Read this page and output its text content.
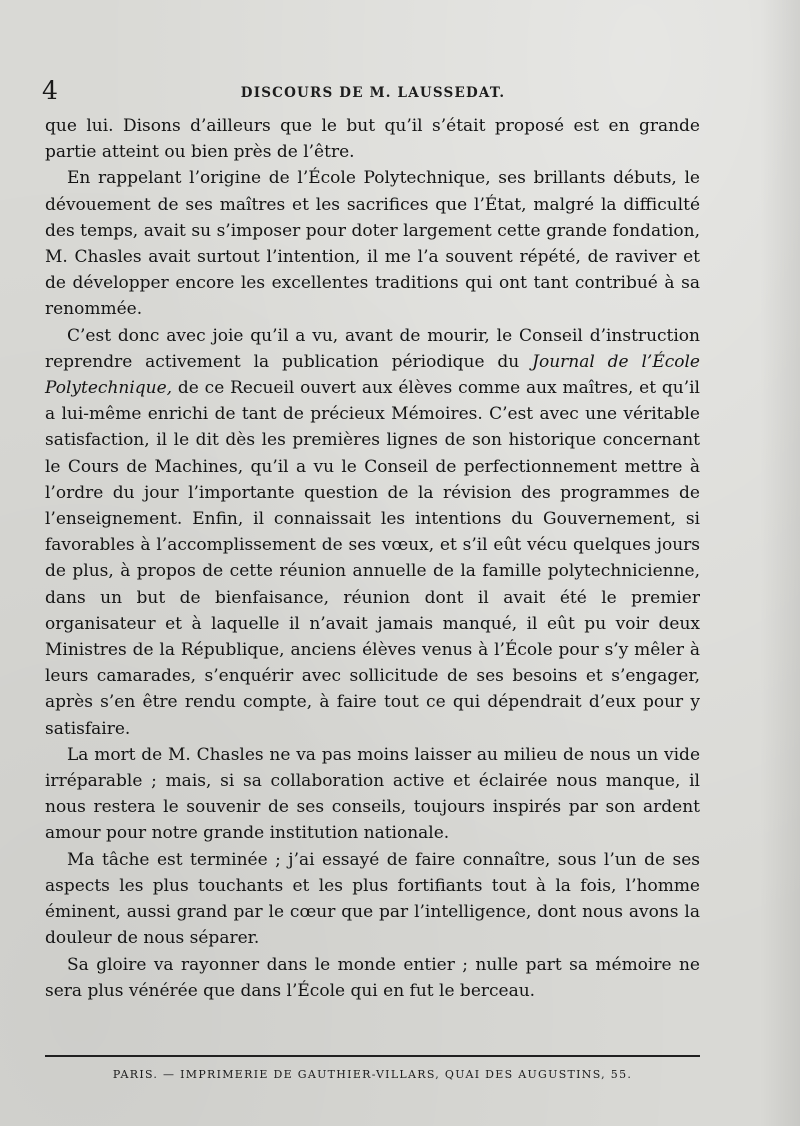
4	DISCOURS DE M. LAUSSEDAT.

que lui. Disons d’ailleurs que le but qu’il s’était proposé est en grande partie atteint ou bien près de l’être.

En rappelant l’origine de l’École Polytechnique, ses brillants débuts, le dévouement de ses maîtres et les sacrifices que l’État, malgré la difficulté des temps, avait su s’imposer pour doter largement cette grande fondation, M. Chasles avait surtout l’intention, il me l’a souvent répété, de raviver et de développer encore les excellentes traditions qui ont tant contribué à sa renommée.

C’est donc avec joie qu’il a vu, avant de mourir, le Conseil d’instruction reprendre activement la publication périodique du Journal de l’École Polytechnique, de ce Recueil ouvert aux élèves comme aux maîtres, et qu’il a lui-même enrichi de tant de précieux Mémoires. C’est avec une véritable satisfaction, il le dit dès les premières lignes de son historique concernant le Cours de Machines, qu’il a vu le Conseil de perfectionnement mettre à l’ordre du jour l’importante question de la révision des programmes de l’enseignement. Enfin, il connaissait les intentions du Gouvernement, si favorables à l’accomplissement de ses vœux, et s’il eût vécu quelques jours de plus, à propos de cette réunion annuelle de la famille polytechnicienne, dans un but de bienfaisance, réunion dont il avait été le premier organisateur et à laquelle il n’avait jamais manqué, il eût pu voir deux Ministres de la République, anciens élèves venus à l’École pour s’y mêler à leurs camarades, s’enquérir avec sollicitude de ses besoins et s’engager, après s’en être rendu compte, à faire tout ce qui dépendrait d’eux pour y satisfaire.

La mort de M. Chasles ne va pas moins laisser au milieu de nous un vide irréparable ; mais, si sa collaboration active et éclairée nous manque, il nous restera le souvenir de ses conseils, toujours inspirés par son ardent amour pour notre grande institution nationale.

Ma tâche est terminée ; j’ai essayé de faire connaître, sous l’un de ses aspects les plus touchants et les plus fortifiants tout à la fois, l’homme éminent, aussi grand par le cœur que par l’intelligence, dont nous avons la douleur de nous séparer.

Sa gloire va rayonner dans le monde entier ; nulle part sa mémoire ne sera plus vénérée que dans l’École qui en fut le berceau.

PARIS. — IMPRIMERIE DE GAUTHIER-VILLARS, QUAI DES AUGUSTINS, 55.
